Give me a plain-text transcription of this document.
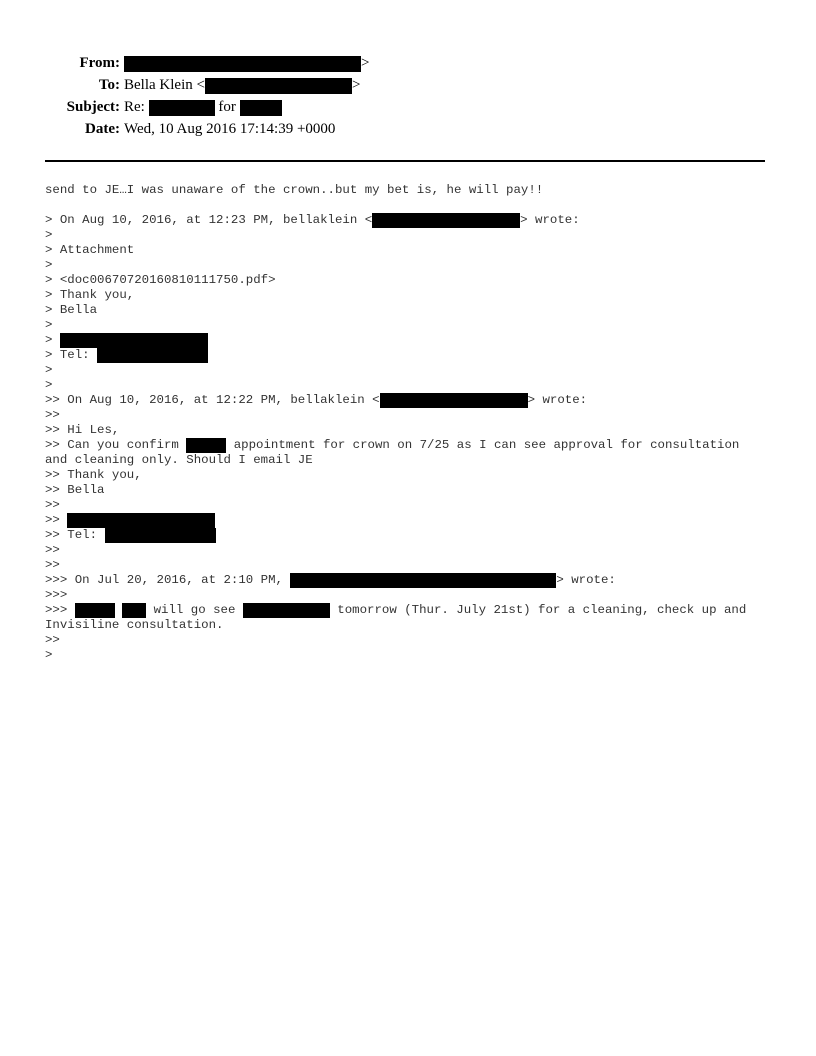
From:	>
To: Bella Klein <	>
Subject: Re:	for
Date: Wed, 10 Aug 2016 17:14:39 +0000
send to JE…I was unaware of the crown..but my bet is, he will pay!!
> On Aug 10, 2016, at 12:23 PM, bellaklein <	> wrote:
>
> Attachment
>
> <doc00670720160810111750.pdf>
> Thank you,
> Bella
>
>
> Tel:
>
>
>> On Aug 10, 2016, at 12:22 PM, bellaklein <	> wrote:
>>
>> Hi Les,
>> Can you confirm	appointment for crown on 7/25 as I can see approval for consultation
and cleaning only. Should I email JE
>> Thank you,
>> Bella
>>
>>
>> Tel:
>>
>>
>>> On Jul 20, 2016, at 2:10 PM,	> wrote:
>>>
>>>	will go see	tomorrow (Thur. July 21st) for a cleaning, check up and
Invisiline consultation.
>>
>
